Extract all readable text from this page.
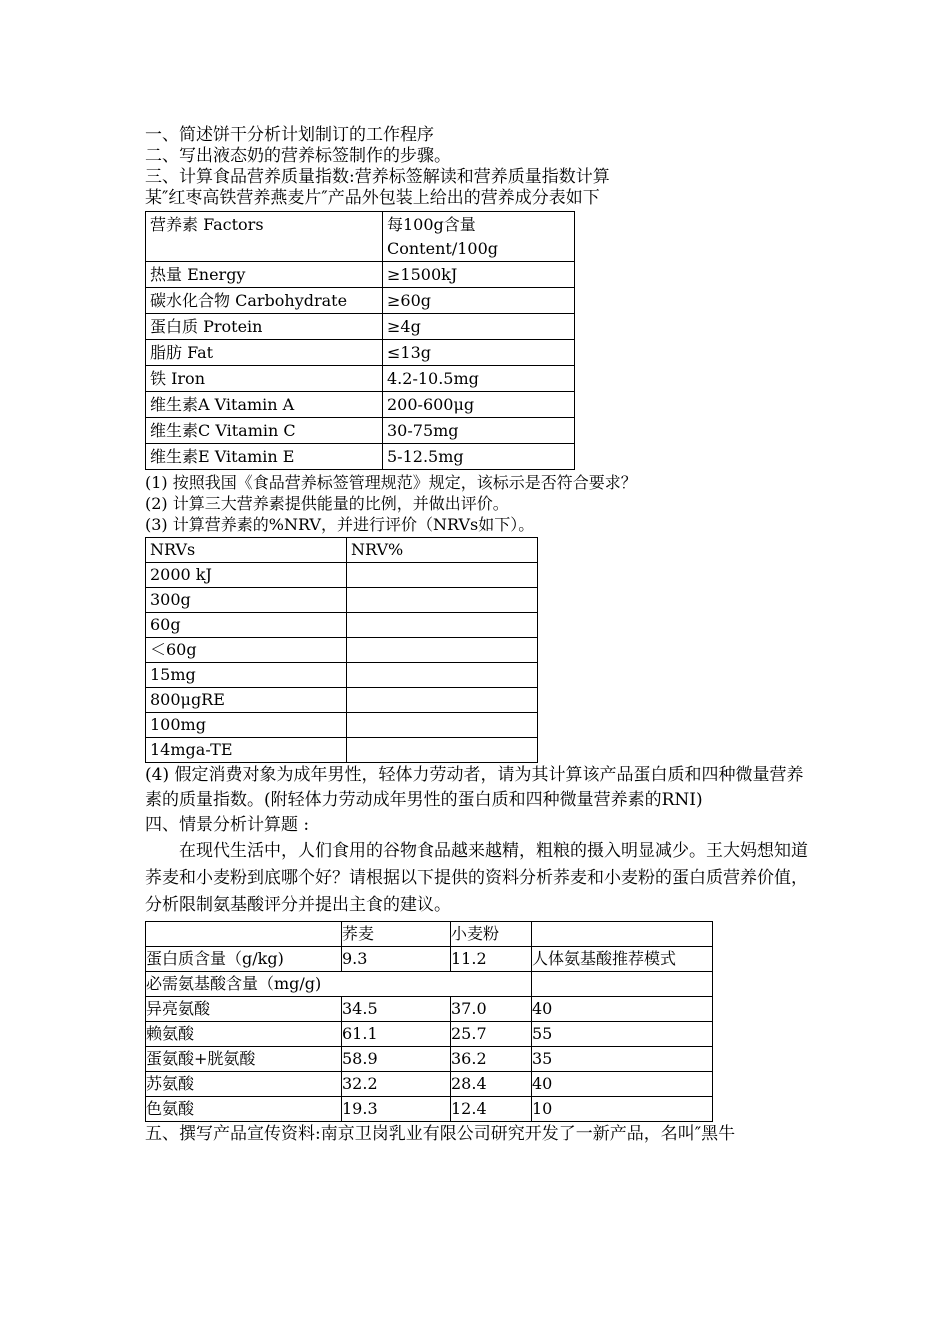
一、简述饼干分析计划制订的工作程序
二、写出液态奶的营养标签制作的步骤。
三、计算食品营养质量指数:营养标签解读和营养质量指数计算
某″红枣高铁营养燕麦片″产品外包装上给出的营养成分表如下
营养素 Factors	每100g含量
Content/100g

热量 Energy	≥1500kJ

碳水化合物 Carbohydrate	≥60g

蛋白质 Protein	≥4g

脂肪 Fat	≤13g

铁 Iron	4.2-10.5mg

维生素A Vitamin A	200-600μg

维生素C Vitamin C	30-75mg

维生素E Vitamin E	5-12.5mg
(1) 按照我国《食品营养标签管理规范》规定，该标示是否符合要求？
(2) 计算三大营养素提供能量的比例，并做出评价。
(3) 计算营养素的%NRV，并进行评价（NRVs如下）。
NRVs	NRV%

2000 kJ	

300g	

60g	

＜60g	

15mg	

800μgRE	

100mg	

14mga-TE	

(4) 假定消费对象为成年男性，轻体力劳动者，请为其计算该产品蛋白质和四种微量营养素的质量指数。(附轻体力劳动成年男性的蛋白质和四种微量营养素的RNI)
四、情景分析计算题 :
在现代生活中，人们食用的谷物食品越来越精，粗粮的摄入明显减少。王大妈想知道荞麦和小麦粉到底哪个好？请根据以下提供的资料分析荞麦和小麦粉的蛋白质营养价值，分析限制氨基酸评分并提出主食的建议。
	荞麦	小麦粉	
蛋白质含量（g/kg)	9.3	11.2	人体氨基酸推荐模式
必需氨基酸含量（mg/g)			
异亮氨酸	34.5	37.0	40
赖氨酸	61.1	25.7	55
蛋氨酸+胱氨酸	58.9	36.2	35
苏氨酸	32.2	28.4	40
色氨酸	19.3	12.4	10
五、撰写产品宣传资料:南京卫岗乳业有限公司研究开发了一新产品，名叫″黑牛
